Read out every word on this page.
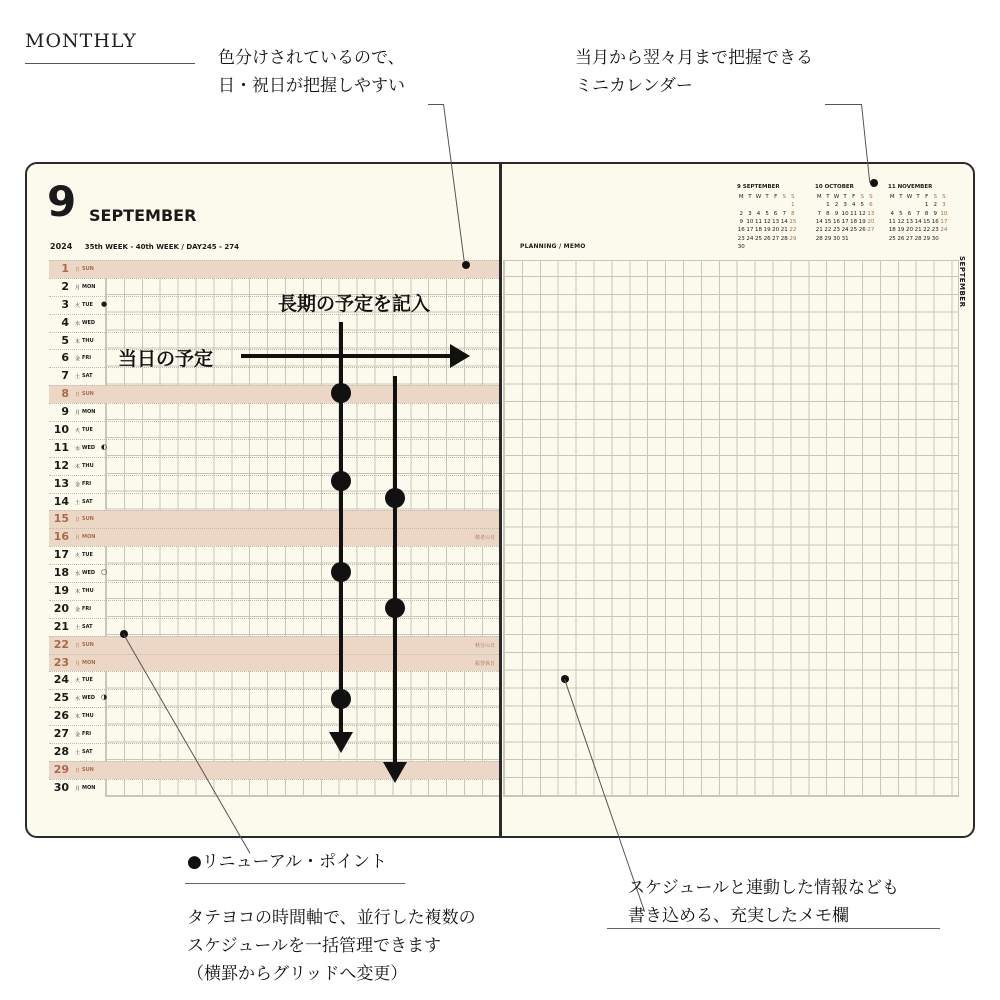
MONTHLY
色分けされているので、
日・祝日が把握しやすい
当月から翌々月まで把握できる
ミニカレンダー
9 SEPTEMBER
2024 35th WEEK - 40th WEEK / DAY245 - 274	PLANNING / MEMO
SEPTEMBER
1 日 SUN
2 月 MON
3 火 TUE ●
4 水 WED
5 木 THU
6 金 FRI
7 土 SAT
8 日 SUN
9 月 MON
10 火 TUE
11 水 WED ◐
12 木 THU
13 金 FRI
14 土 SAT
15 日 SUN
16 月 MON	敬老の日
17 火 TUE
18 水 WED ○
19 木 THU
20 金 FRI
21 土 SAT
22 日 SUN	秋分の日
23 月 MON	振替休日
24 火 TUE
25 水 WED ◑
26 木 THU
27 金 FRI
28 土 SAT
29 日 SUN
30 月 MON
9 SEPTEMBER
M	T	W	T	F	S	S
						1
2	3	4	5	6	7	8
9	10	11	12	13	14	15
16	17	18	19	20	21	22
23	24	25	26	27	28	29
30						
10 OCTOBER
M	T	W	T	F	S	S
	1	2	3	4	5	6
7	8	9	10	11	12	13
14	15	16	17	18	19	20
21	22	23	24	25	26	27
28	29	30	31			
11 NOVEMBER
M	T	W	T	F	S	S
				1	2	3
4	5	6	7	8	9	10
11	12	13	14	15	16	17
18	19	20	21	22	23	24
25	26	27	28	29	30	
長期の予定を記入
当日の予定
●リニューアル・ポイント
タテヨコの時間軸で、並行した複数の
スケジュールを一括管理できます
（横罫からグリッドへ変更）
スケジュールと連動した情報なども
書き込める、充実したメモ欄
